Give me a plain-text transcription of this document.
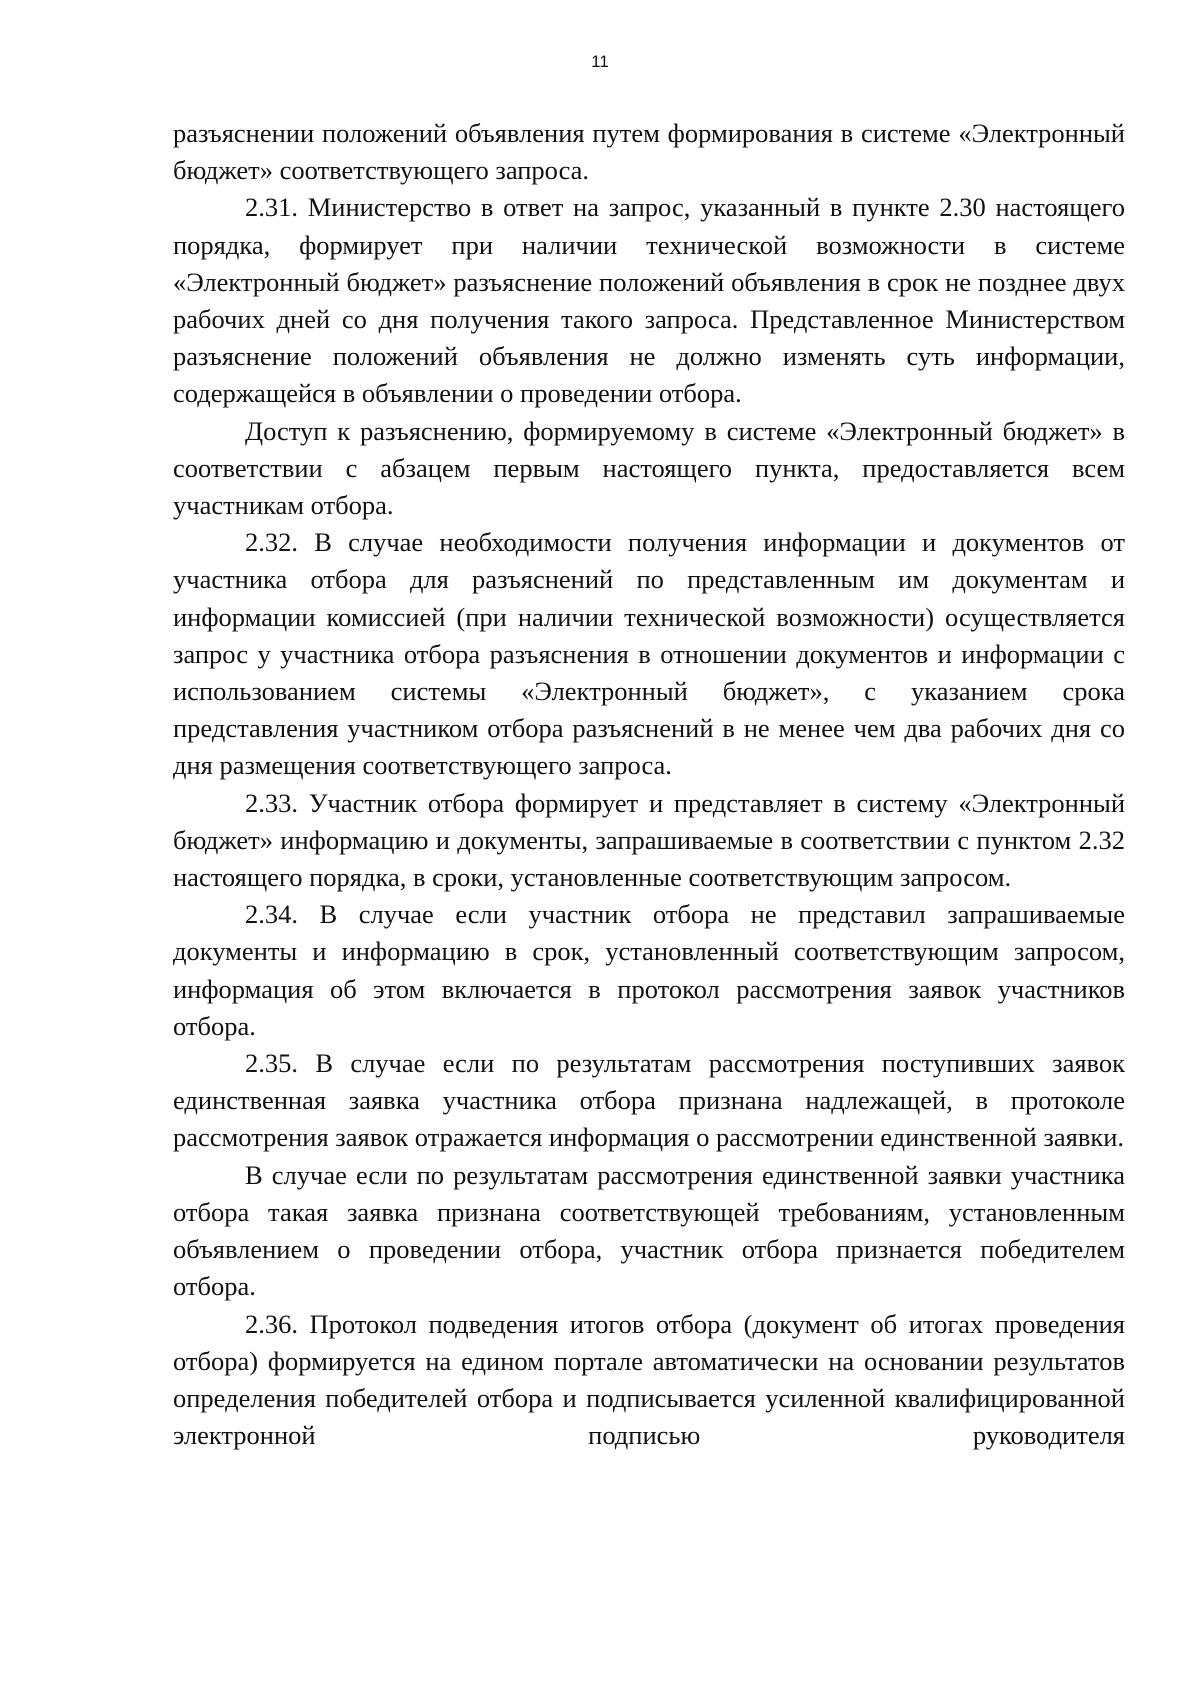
11

разъяснении положений объявления путем формирования в системе «Электронный бюджет» соответствующего запроса.

2.31. Министерство в ответ на запрос, указанный в пункте 2.30 настоящего порядка, формирует при наличии технической возможности в системе «Электронный бюджет» разъяснение положений объявления в срок не позднее двух рабочих дней со дня получения такого запроса. Представленное Министерством разъяснение положений объявления не должно изменять суть информации, содержащейся в объявлении о проведении отбора.

Доступ к разъяснению, формируемому в системе «Электронный бюджет» в соответствии с абзацем первым настоящего пункта, предоставляется всем участникам отбора.

2.32. В случае необходимости получения информации и документов от участника отбора для разъяснений по представленным им документам и информации комиссией (при наличии технической возможности) осуществляется запрос у участника отбора разъяснения в отношении документов и информации с использованием системы «Электронный бюджет», с указанием срока представления участником отбора разъяснений в не менее чем два рабочих дня со дня размещения соответствующего запроса.

2.33. Участник отбора формирует и представляет в систему «Электронный бюджет» информацию и документы, запрашиваемые в соответствии с пунктом 2.32 настоящего порядка, в сроки, установленные соответствующим запросом.

2.34. В случае если участник отбора не представил запрашиваемые документы и информацию в срок, установленный соответствующим запросом, информация об этом включается в протокол рассмотрения заявок участников отбора.

2.35. В случае если по результатам рассмотрения поступивших заявок единственная заявка участника отбора признана надлежащей, в протоколе рассмотрения заявок отражается информация о рассмотрении единственной заявки.

В случае если по результатам рассмотрения единственной заявки участника отбора такая заявка признана соответствующей требованиям, установленным объявлением о проведении отбора, участник отбора признается победителем отбора.

2.36. Протокол подведения итогов отбора (документ об итогах проведения отбора) формируется на едином портале автоматически на основании результатов определения победителей отбора и подписывается усиленной квалифицированной электронной подписью руководителя
